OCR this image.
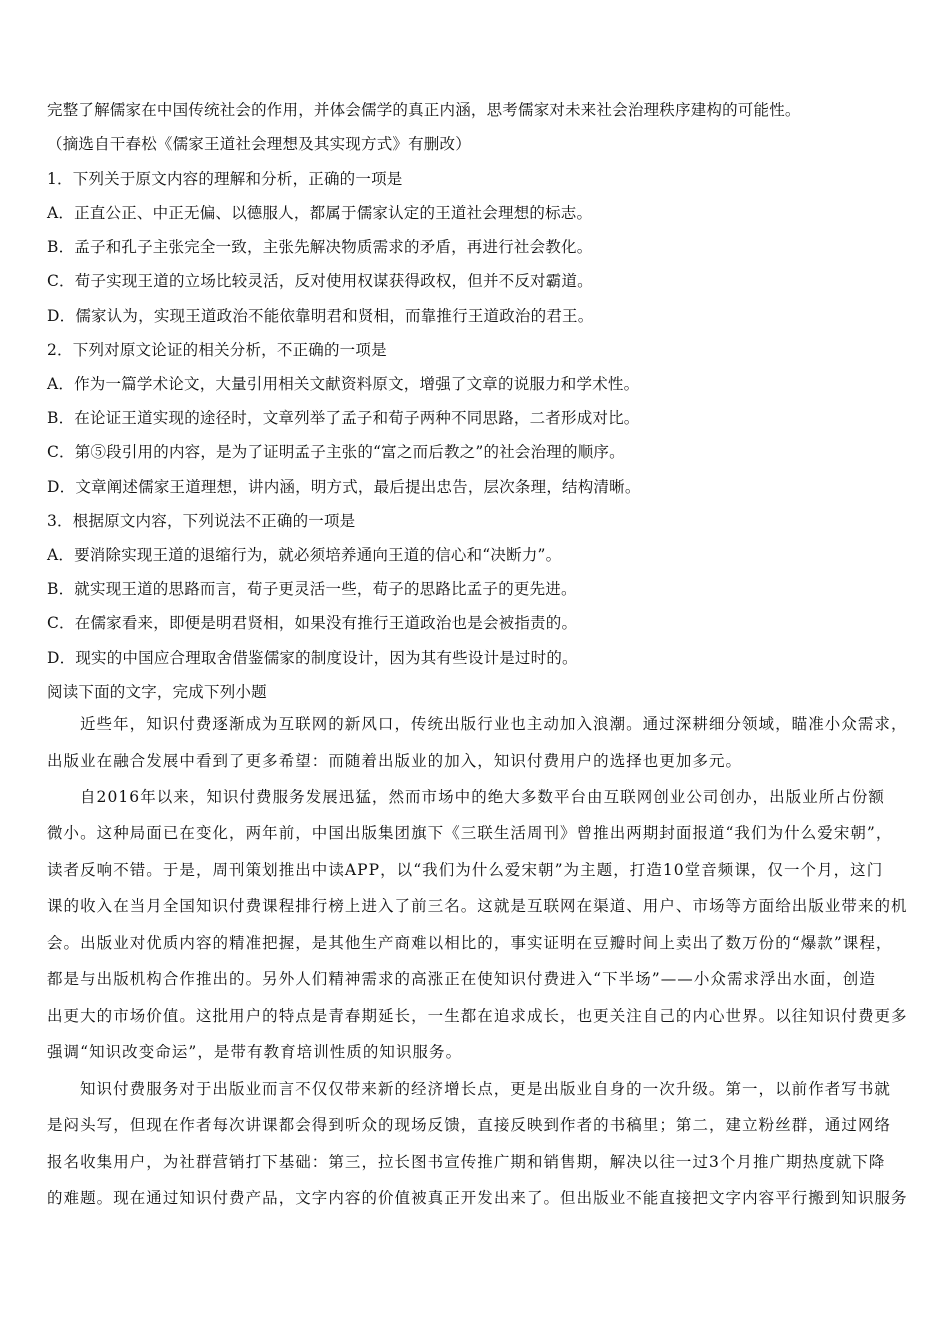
完整了解儒家在中国传统社会的作用，并体会儒学的真正内涵，思考儒家对未来社会治理秩序建构的可能性。
（摘选自干春松《儒家王道社会理想及其实现方式》有删改）
1．下列关于原文内容的理解和分析，正确的一项是
A．正直公正、中正无偏、以德服人，都属于儒家认定的王道社会理想的标志。
B．孟子和孔子主张完全一致，主张先解决物质需求的矛盾，再进行社会教化。
C．荀子实现王道的立场比较灵活，反对使用权谋获得政权，但并不反对霸道。
D．儒家认为，实现王道政治不能依靠明君和贤相，而靠推行王道政治的君王。
2．下列对原文论证的相关分析，不正确的一项是
A．作为一篇学术论文，大量引用相关文献资料原文，增强了文章的说服力和学术性。
B．在论证王道实现的途径时，文章列举了孟子和荀子两种不同思路，二者形成对比。
C．第⑤段引用的内容，是为了证明孟子主张的“富之而后教之”的社会治理的顺序。
D．文章阐述儒家王道理想，讲内涵，明方式，最后提出忠告，层次条理，结构清晰。
3．根据原文内容，下列说法不正确的一项是
A．要消除实现王道的退缩行为，就必须培养通向王道的信心和“决断力”。
B．就实现王道的思路而言，荀子更灵活一些，荀子的思路比孟子的更先进。
C．在儒家看来，即便是明君贤相，如果没有推行王道政治也是会被指责的。
D．现实的中国应合理取舍借鉴儒家的制度设计，因为其有些设计是过时的。
阅读下面的文字，完成下列小题
近些年，知识付费逐渐成为互联网的新风口，传统出版行业也主动加入浪潮。通过深耕细分领域，瞄准小众需求，
出版业在融合发展中看到了更多希望：而随着出版业的加入，知识付费用户的选择也更加多元。
自2016年以来，知识付费服务发展迅猛，然而市场中的绝大多数平台由互联网创业公司创办，出版业所占份额
微小。这种局面已在变化，两年前，中国出版集团旗下《三联生活周刊》曾推出两期封面报道“我们为什么爱宋朝”，
读者反响不错。于是，周刊策划推出中读APP，以“我们为什么爱宋朝”为主题，打造10堂音频课，仅一个月，这门
课的收入在当月全国知识付费课程排行榜上进入了前三名。这就是互联网在渠道、用户、市场等方面给出版业带来的机
会。出版业对优质内容的精准把握，是其他生产商难以相比的，事实证明在豆瓣时间上卖出了数万份的“爆款”课程，
都是与出版机构合作推出的。另外人们精神需求的高涨正在使知识付费进入“下半场”——小众需求浮出水面，创造
出更大的市场价值。这批用户的特点是青春期延长，一生都在追求成长，也更关注自己的内心世界。以往知识付费更多
强调“知识改变命运”，是带有教育培训性质的知识服务。
知识付费服务对于出版业而言不仅仅带来新的经济增长点，更是出版业自身的一次升级。第一，以前作者写书就
是闷头写，但现在作者每次讲课都会得到听众的现场反馈，直接反映到作者的书稿里；第二，建立粉丝群，通过网络
报名收集用户，为社群营销打下基础：第三，拉长图书宣传推广期和销售期，解决以往一过3个月推广期热度就下降
的难题。现在通过知识付费产品，文字内容的价值被真正开发出来了。但出版业不能直接把文字内容平行搬到知识服务
